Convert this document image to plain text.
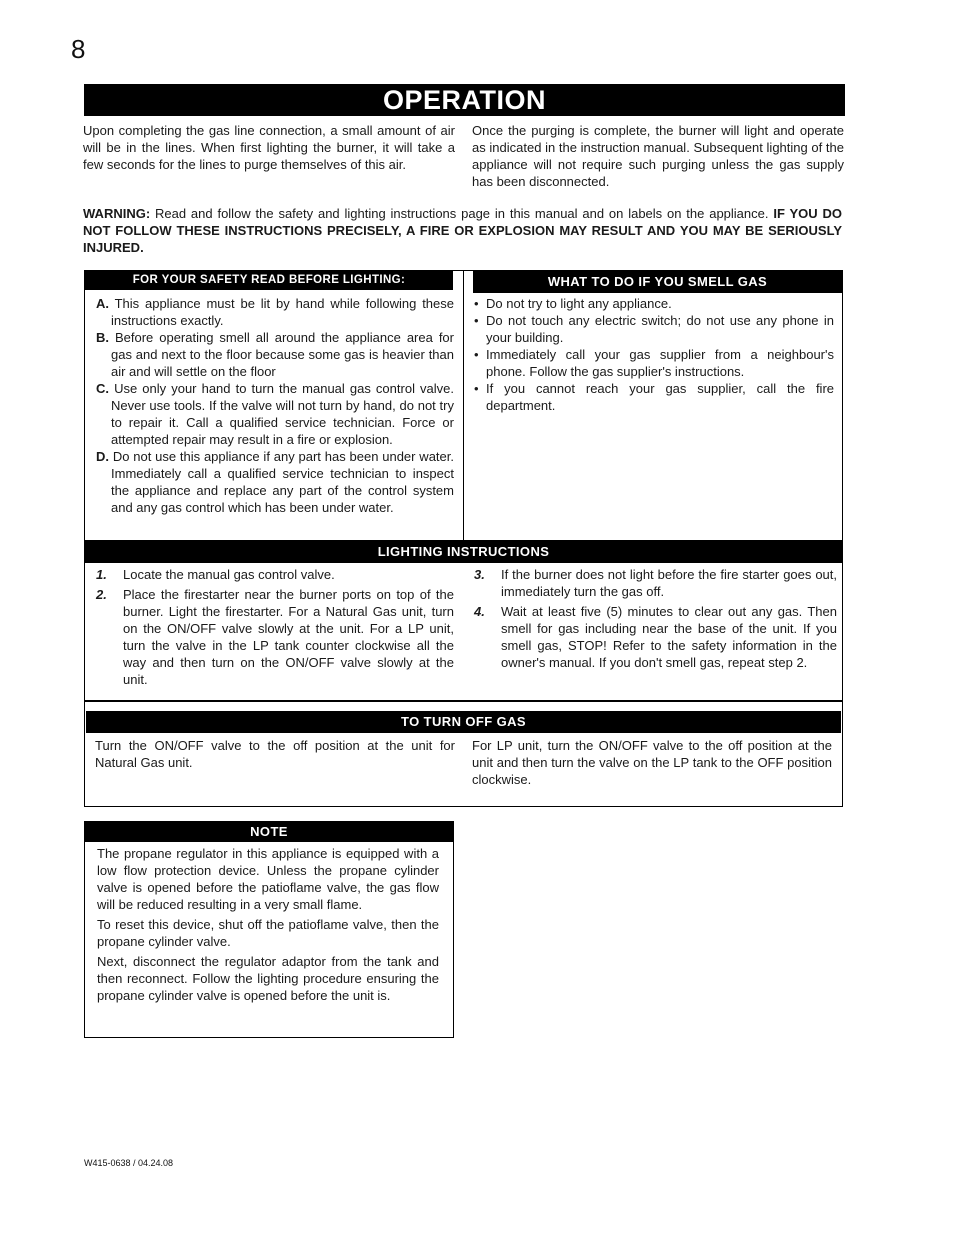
8
OPERATION
Upon completing the gas line connection, a small amount of air will be in the lines. When first lighting the burner, it will take a few seconds for the lines to purge themselves of this air.
Once the purging is complete, the burner will light and operate as indicated in the instruction manual. Subsequent lighting of the appliance will not require such purging unless the gas supply has been disconnected.
WARNING: Read and follow the safety and lighting instructions page in this manual and on labels on the appliance. IF YOU DO NOT FOLLOW THESE INSTRUCTIONS PRECISELY, A FIRE OR EXPLOSION MAY RESULT AND YOU MAY BE SERIOUSLY INJURED.
FOR YOUR SAFETY READ BEFORE LIGHTING:	WHAT TO DO IF YOU SMELL GAS
A. This appliance must be lit by hand while following these instructions exactly.
B. Before operating smell all around the appliance area for gas and next to the floor because some gas is heavier than air and will settle on the floor
C. Use only your hand to turn the manual gas control valve. Never use tools. If the valve will not turn by hand, do not try to repair it. Call a qualified service technician. Force or attempted repair may result in a fire or explosion.
D. Do not use this appliance if any part has been under water. Immediately call a qualified service technician to inspect the appliance and replace any part of the control system and any gas control which has been under water.
• Do not try to light any appliance.
• Do not touch any electric switch; do not use any phone in your building.
• Immediately call your gas supplier from a neighbour's phone. Follow the gas supplier's instructions.
• If you cannot reach your gas supplier, call the fire department.
LIGHTING INSTRUCTIONS
1. Locate the manual gas control valve.
2. Place the firestarter near the burner ports on top of the burner. Light the firestarter. For a Natural Gas unit, turn on the ON/OFF valve slowly at the unit. For a LP unit, turn the valve in the LP tank counter clockwise all the way and then turn on the ON/OFF valve slowly at the unit.
3. If the burner does not light before the fire starter goes out, immediately turn the gas off.
4. Wait at least five (5) minutes to clear out any gas. Then smell for gas including near the base of the unit. If you smell gas, STOP! Refer to the safety information in the owner's manual. If you don't smell gas, repeat step 2.
TO TURN OFF GAS
Turn the ON/OFF valve to the off position at the unit for Natural Gas unit.
For LP unit, turn the ON/OFF valve to the off position at the unit and then turn the valve on the LP tank to the OFF position clockwise.
NOTE

The propane regulator in this appliance is equipped with a low flow protection device. Unless the propane cylinder valve is opened before the patioflame valve, the gas flow will be reduced resulting in a very small flame.

To reset this device, shut off the patioflame valve, then the propane cylinder valve.

Next, disconnect the regulator adaptor from the tank and then reconnect. Follow the lighting procedure ensuring the propane cylinder valve is opened before the unit is.

W415-0638 / 04.24.08
